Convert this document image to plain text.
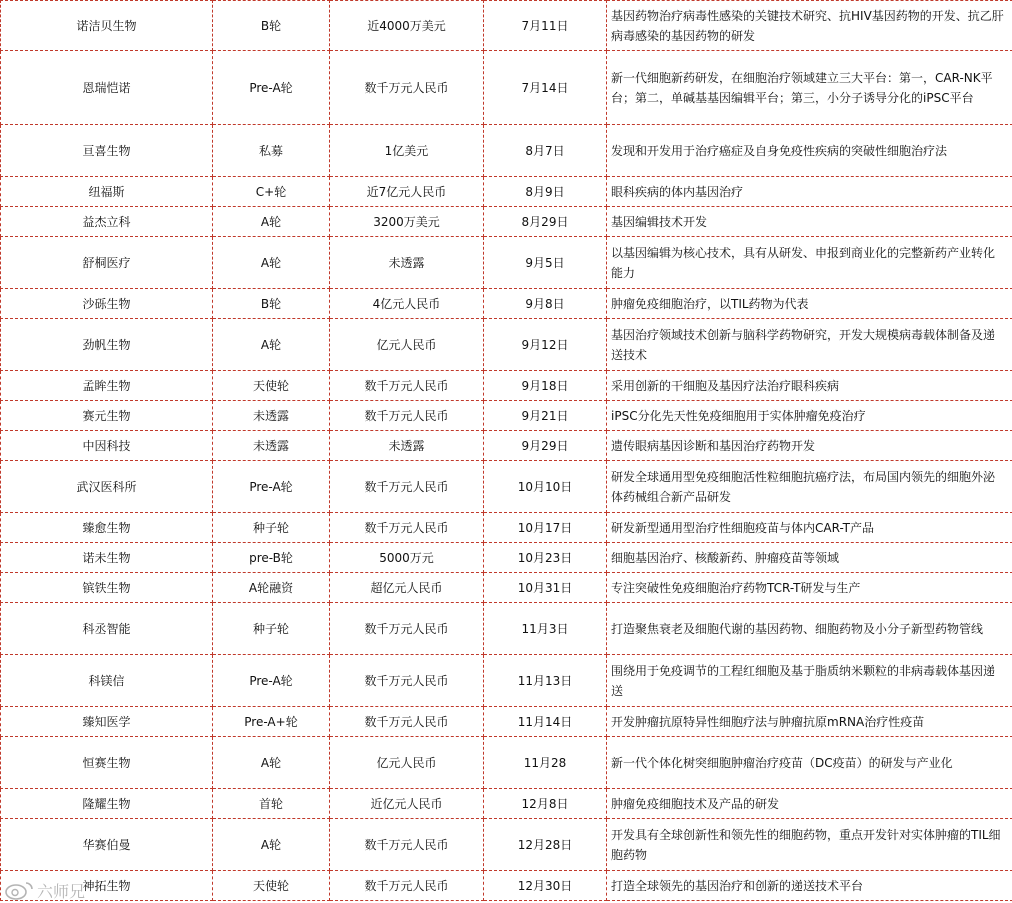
诺洁贝生物	B轮	近4000万美元	7月11日	基因药物治疗病毒性感染的关键技术研究、抗HIV基因药物的开发、抗乙肝病毒感染的基因药物的研发
恩瑞恺诺	Pre-A轮	数千万元人民币	7月14日	新一代细胞新药研发，在细胞治疗领域建立三大平台：第一，CAR-NK平台；第二，单碱基基因编辑平台；第三，小分子诱导分化的iPSC平台
亘喜生物	私募	1亿美元	8月7日	发现和开发用于治疗癌症及自身免疫性疾病的突破性细胞治疗法
纽福斯	C+轮	近7亿元人民币	8月9日	眼科疾病的体内基因治疗
益杰立科	A轮	3200万美元	8月29日	基因编辑技术开发
舒桐医疗	A轮	未透露	9月5日	以基因编辑为核心技术，具有从研发、申报到商业化的完整新药产业转化能力
沙砾生物	B轮	4亿元人民币	9月8日	肿瘤免疫细胞治疗，以TIL药物为代表
劲帆生物	A轮	亿元人民币	9月12日	基因治疗领域技术创新与脑科学药物研究，开发大规模病毒载体制备及递送技术
孟眸生物	天使轮	数千万元人民币	9月18日	采用创新的干细胞及基因疗法治疗眼科疾病
赛元生物	未透露	数千万元人民币	9月21日	iPSC分化先天性免疫细胞用于实体肿瘤免疫治疗
中因科技	未透露	未透露	9月29日	遗传眼病基因诊断和基因治疗药物开发
武汉医科所	Pre-A轮	数千万元人民币	10月10日	研发全球通用型免疫细胞活性粒细胞抗癌疗法，布局国内领先的细胞外泌体药械组合新产品研发
臻愈生物	种子轮	数千万元人民币	10月17日	研发新型通用型治疗性细胞疫苗与体内CAR-T产品
诺未生物	pre-B轮	5000万元	10月23日	细胞基因治疗、核酸新药、肿瘤疫苗等领域
镔铁生物	A轮融资	超亿元人民币	10月31日	专注突破性免疫细胞治疗药物TCR-T研发与生产
科丞智能	种子轮	数千万元人民币	11月3日	打造聚焦衰老及细胞代谢的基因药物、细胞药物及小分子新型药物管线
科镁信	Pre-A轮	数千万元人民币	11月13日	围绕用于免疫调节的工程红细胞及基于脂质纳米颗粒的非病毒载体基因递送
臻知医学	Pre-A+轮	数千万元人民币	11月14日	开发肿瘤抗原特异性细胞疗法与肿瘤抗原mRNA治疗性疫苗
恒赛生物	A轮	亿元人民币	11月28	新一代个体化树突细胞肿瘤治疗疫苗（DC疫苗）的研发与产业化
隆耀生物	首轮	近亿元人民币	12月8日	肿瘤免疫细胞技术及产品的研发
华赛伯曼	A轮	数千万元人民币	12月28日	开发具有全球创新性和领先性的细胞药物，重点开发针对实体肿瘤的TIL细胞药物
神拓生物	天使轮	数千万元人民币	12月30日	打造全球领先的基因治疗和创新的递送技术平台
六师兄
